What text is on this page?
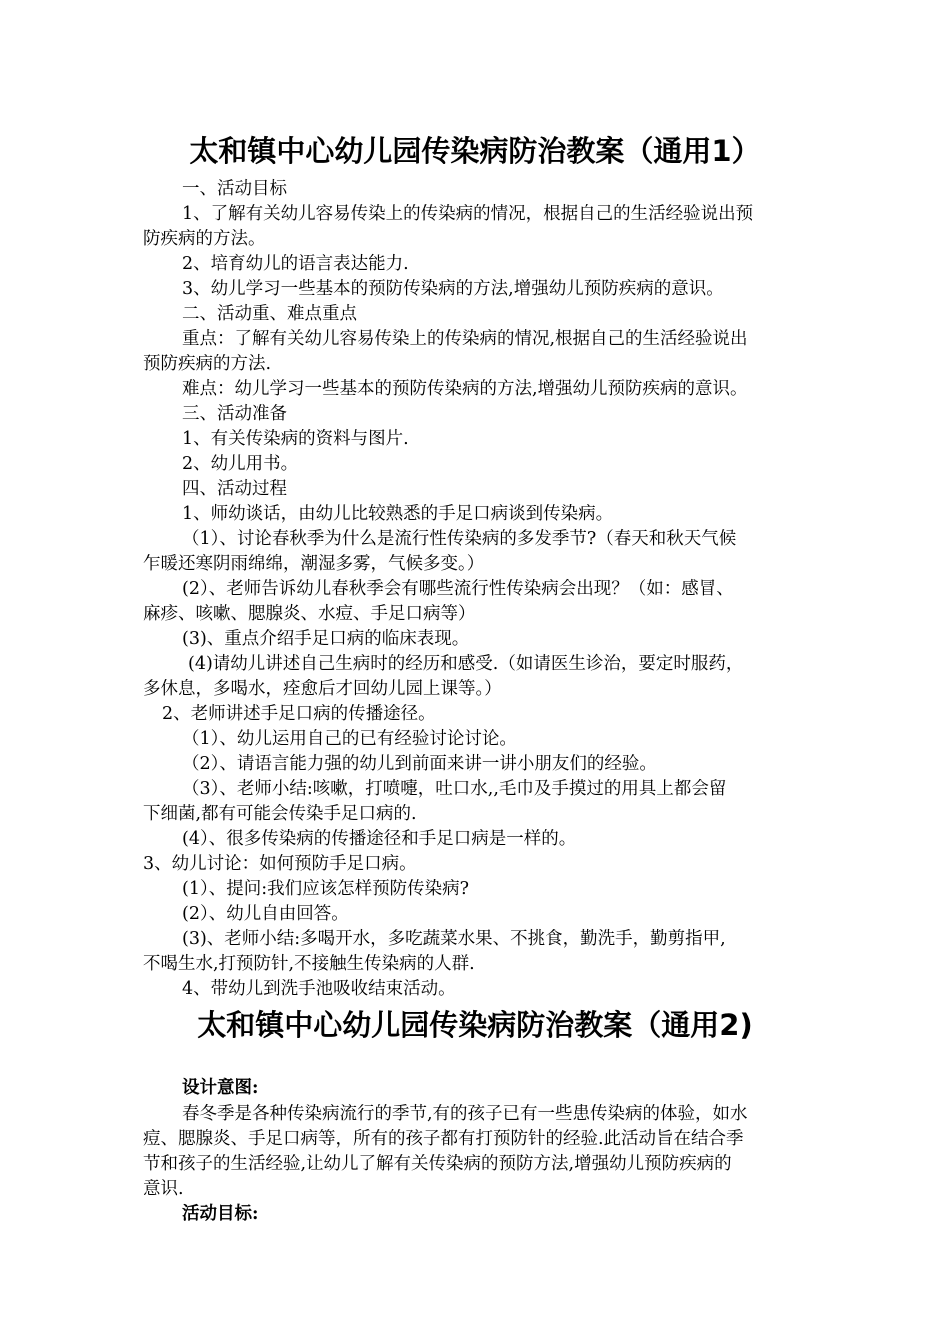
太和镇中心幼儿园传染病防治教案（通用1）
一、活动目标
1、了解有关幼儿容易传染上的传染病的情况，根据自己的生活经验说出预
防疾病的方法。
2、培育幼儿的语言表达能力.
3、幼儿学习一些基本的预防传染病的方法,增强幼儿预防疾病的意识。
二、活动重、难点重点
重点：了解有关幼儿容易传染上的传染病的情况,根据自己的生活经验说出
预防疾病的方法.
难点：幼儿学习一些基本的预防传染病的方法,增强幼儿预防疾病的意识。
三、活动准备
1、有关传染病的资料与图片.
2、幼儿用书。
四、活动过程
1、师幼谈话，由幼儿比较熟悉的手足口病谈到传染病。
（1）、讨论春秋季为什么是流行性传染病的多发季节?（春天和秋天气候
乍暖还寒阴雨绵绵，潮湿多雾，气候多变。）
(2）、老师告诉幼儿春秋季会有哪些流行性传染病会出现？（如：感冒、
麻疹、咳嗽、腮腺炎、水痘、手足口病等）
(3)、重点介绍手足口病的临床表现。
(4)请幼儿讲述自己生病时的经历和感受.（如请医生诊治，要定时服药，
多休息，多喝水，痊愈后才回幼儿园上课等。）
2、老师讲述手足口病的传播途径。
（1）、幼儿运用自己的已有经验讨论讨论。
（2）、请语言能力强的幼儿到前面来讲一讲小朋友们的经验。
（3）、老师小结:咳嗽，打喷嚏，吐口水,,毛巾及手摸过的用具上都会留
下细菌,都有可能会传染手足口病的.
(4）、很多传染病的传播途径和手足口病是一样的。
3、幼儿讨论：如何预防手足口病。
(1）、提问:我们应该怎样预防传染病?
(2）、幼儿自由回答。
(3)、老师小结:多喝开水，多吃蔬菜水果、不挑食，勤洗手，勤剪指甲,
不喝生水,打预防针,不接触生传染病的人群.
4、带幼儿到洗手池吸收结束活动。
太和镇中心幼儿园传染病防治教案（通用2)
设计意图:
春冬季是各种传染病流行的季节,有的孩子已有一些患传染病的体验，如水
痘、腮腺炎、手足口病等，所有的孩子都有打预防针的经验.此活动旨在结合季
节和孩子的生活经验,让幼儿了解有关传染病的预防方法,增强幼儿预防疾病的
意识.
活动目标:
